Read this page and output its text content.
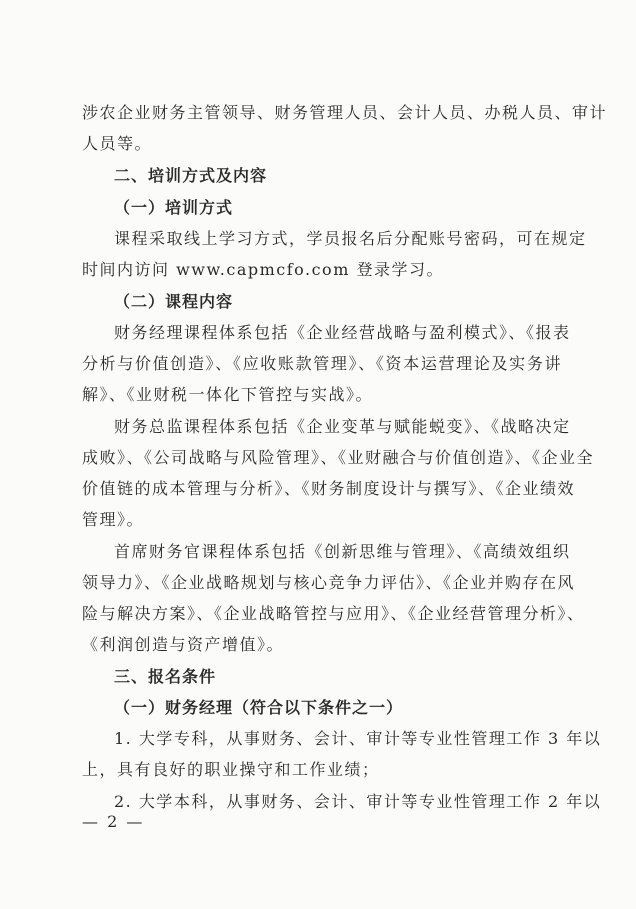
涉农企业财务主管领导、财务管理人员、会计人员、办税人员、审计
人员等。
二、培训方式及内容
（一）培训方式
课程采取线上学习方式，学员报名后分配账号密码，可在规定
时间内访问 www.capmcfo.com 登录学习。
（二）课程内容
财务经理课程体系包括《企业经营战略与盈利模式》、《报表
分析与价值创造》、《应收账款管理》、《资本运营理论及实务讲
解》、《业财税一体化下管控与实战》。
财务总监课程体系包括《企业变革与赋能蜕变》、《战略决定
成败》、《公司战略与风险管理》、《业财融合与价值创造》、《企业全
价值链的成本管理与分析》、《财务制度设计与撰写》、《企业绩效
管理》。
首席财务官课程体系包括《创新思维与管理》、《高绩效组织
领导力》、《企业战略规划与核心竞争力评估》、《企业并购存在风
险与解决方案》、《企业战略管控与应用》、《企业经营管理分析》、
《利润创造与资产增值》。
三、报名条件
（一）财务经理（符合以下条件之一）
1. 大学专科，从事财务、会计、审计等专业性管理工作 3 年以
上，具有良好的职业操守和工作业绩；
2. 大学本科，从事财务、会计、审计等专业性管理工作 2 年以
— 2 —
